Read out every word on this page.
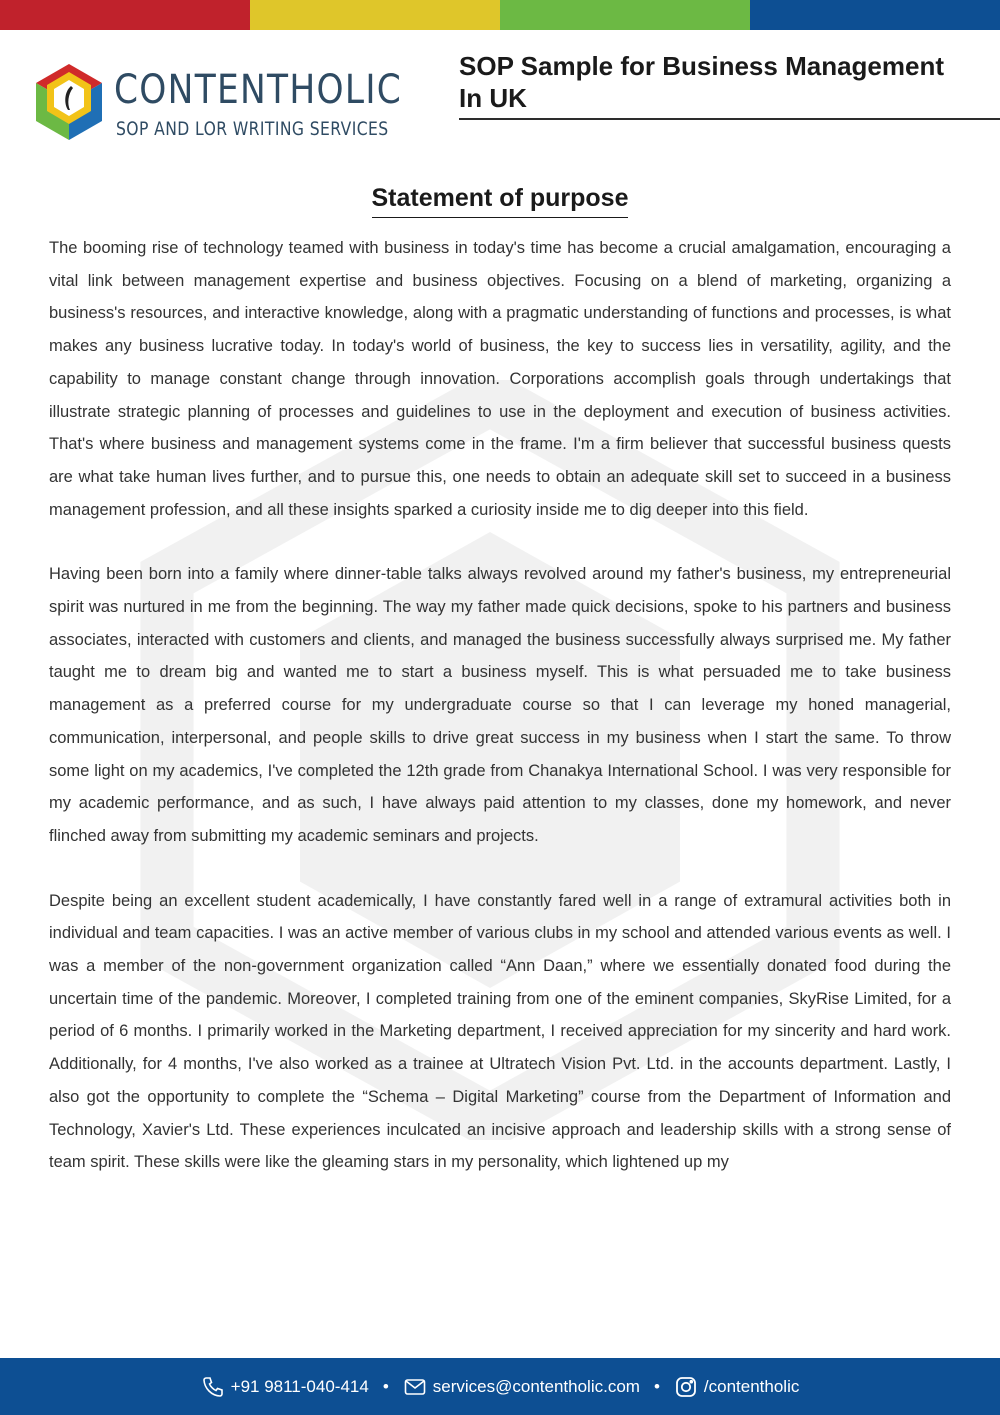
CONTENTHOLIC
SOP AND LOR WRITING SERVICES
SOP Sample for Business Management In UK
Statement of purpose

The booming rise of technology teamed with business in today's time has become a crucial amalgamation, encouraging a vital link between management expertise and business objectives. Focusing on a blend of marketing, organizing a business's resources, and interactive knowledge, along with a pragmatic understanding of functions and processes, is what makes any business lucrative today. In today's world of business, the key to success lies in versatility, agility, and the capability to manage constant change through innovation. Corporations accomplish goals through undertakings that illustrate strategic planning of processes and guidelines to use in the deployment and execution of business activities. That's where business and management systems come in the frame. I'm a firm believer that successful business quests are what take human lives further, and to pursue this, one needs to obtain an adequate skill set to succeed in a business management profession, and all these insights sparked a curiosity inside me to dig deeper into this field.

Having been born into a family where dinner-table talks always revolved around my father's business, my entrepreneurial spirit was nurtured in me from the beginning. The way my father made quick decisions, spoke to his partners and business associates, interacted with customers and clients, and managed the business successfully always surprised me. My father taught me to dream big and wanted me to start a business myself. This is what persuaded me to take business management as a preferred course for my undergraduate course so that I can leverage my honed managerial, communication, interpersonal, and people skills to drive great success in my business when I start the same. To throw some light on my academics, I've completed the 12th grade from Chanakya International School. I was very responsible for my academic performance, and as such, I have always paid attention to my classes, done my homework, and never flinched away from submitting my academic seminars and projects.

Despite being an excellent student academically, I have constantly fared well in a range of extramural activities both in individual and team capacities. I was an active member of various clubs in my school and attended various events as well. I was a member of the non-government organization called “Ann Daan,” where we essentially donated food during the uncertain time of the pandemic. Moreover, I completed training from one of the eminent companies, SkyRise Limited, for a period of 6 months. I primarily worked in the Marketing department, I received appreciation for my sincerity and hard work. Additionally, for 4 months, I've also worked as a trainee at Ultratech Vision Pvt. Ltd. in the accounts department. Lastly, I also got the opportunity to complete the “Schema – Digital Marketing” course from the Department of Information and Technology, Xavier's Ltd. These experiences inculcated an incisive approach and leadership skills with a strong sense of team spirit. These skills were like the gleaming stars in my personality, which lightened up my

+91 9811-040-414 •	services@contentholic.com •	/contentholic
